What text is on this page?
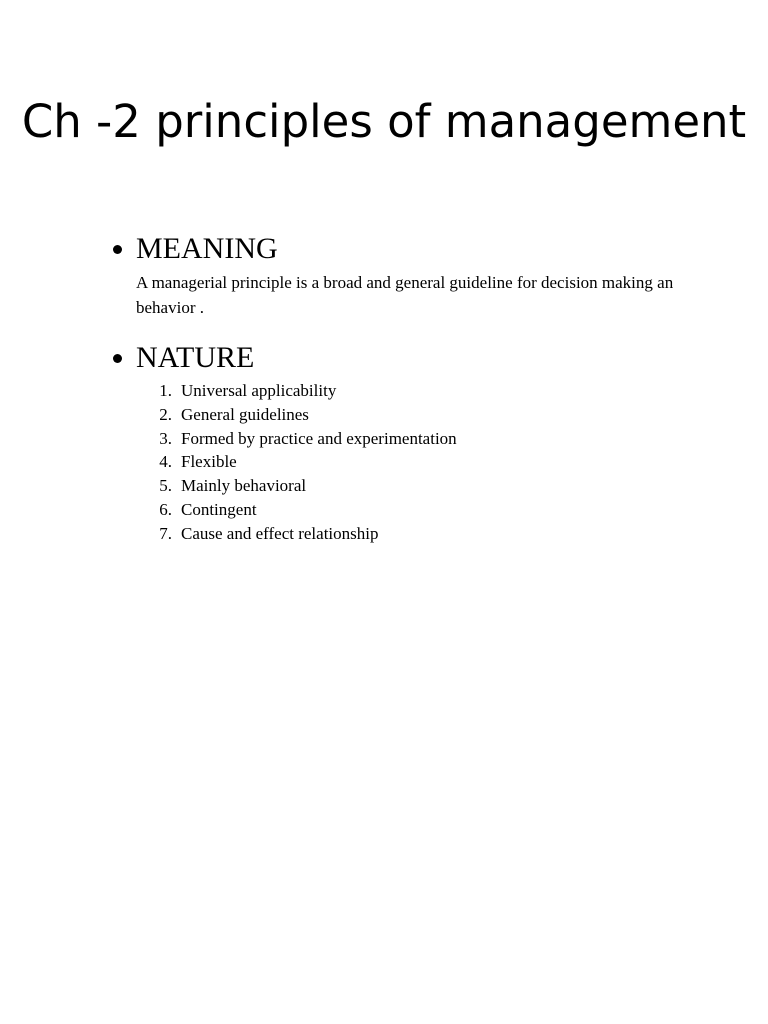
Ch -2 principles of management
MEANING

A managerial principle is a broad and general guideline for decision making an behavior .

NATURE
1. Universal applicability
2. General guidelines
3. Formed by practice and experimentation
4. Flexible
5. Mainly behavioral
6. Contingent
7. Cause and effect relationship
